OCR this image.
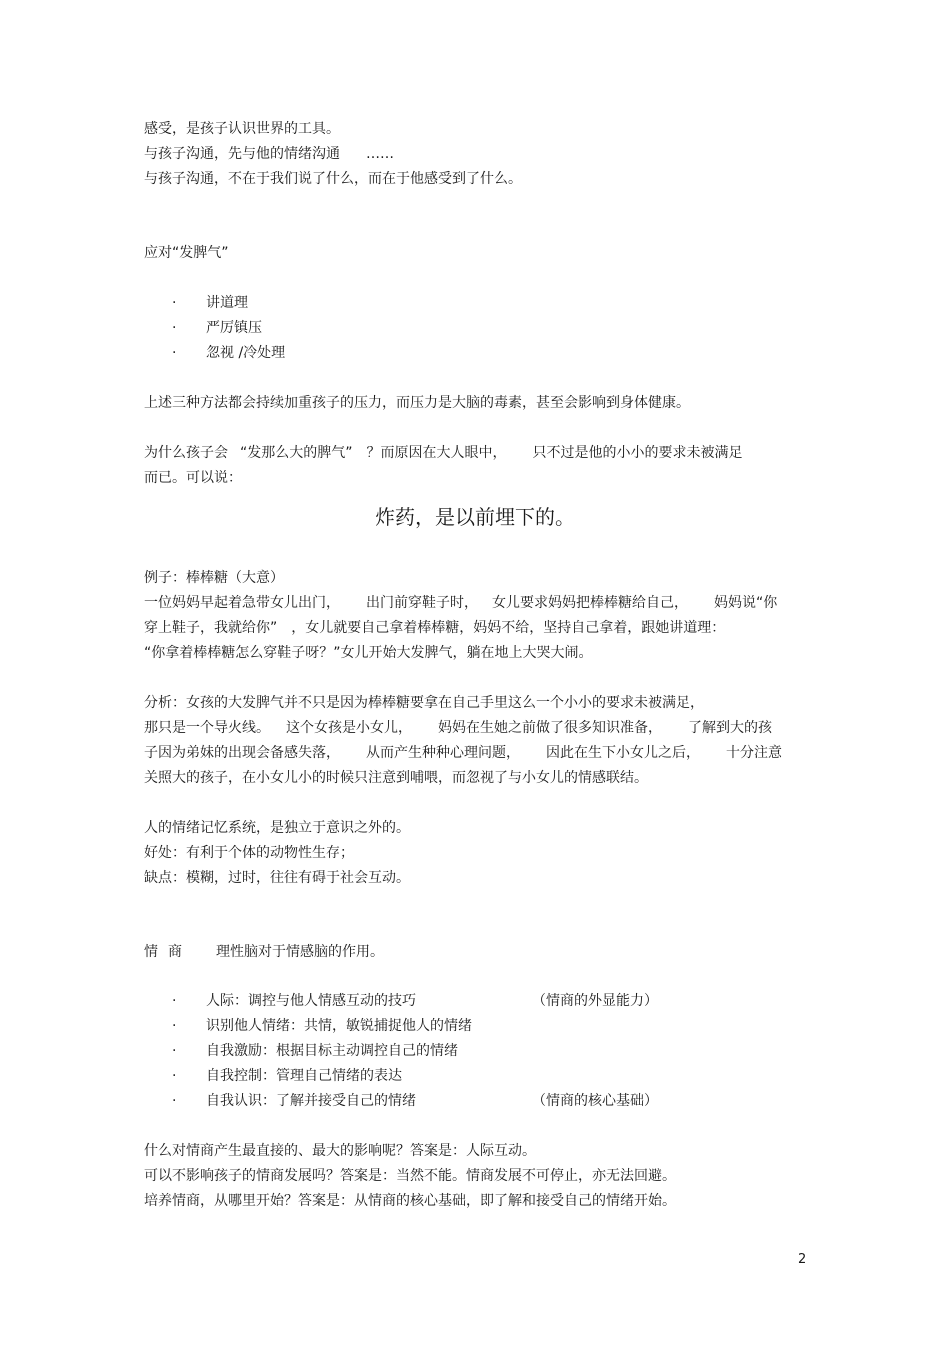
感受，是孩子认识世界的工具。
与孩子沟通，先与他的情绪沟通 ……
与孩子沟通，不在于我们说了什么，而在于他感受到了什么。
应对“发脾气”
· 讲道理
· 严厉镇压
· 忽视 /冷处理
上述三种方法都会持续加重孩子的压力，而压力是大脑的毒素，甚至会影响到身体健康。
为什么孩子会 “发那么大的脾气” ？而原因在大人眼中， 只不过是他的小小的要求未被满足
而已。可以说：
炸药，是以前埋下的。
例子：棒棒糖（大意）
一位妈妈早起着急带女儿出门， 出门前穿鞋子时， 女儿要求妈妈把棒棒糖给自己， 妈妈说“你
穿上鞋子，我就给你” ，女儿就要自己拿着棒棒糖，妈妈不给，坚持自己拿着，跟她讲道理：
“你拿着棒棒糖怎么穿鞋子呀？”女儿开始大发脾气，躺在地上大哭大闹。
分析：女孩的大发脾气并不只是因为棒棒糖要拿在自己手里这么一个小小的要求未被满足，
那只是一个导火线。 这个女孩是小女儿， 妈妈在生她之前做了很多知识准备， 了解到大的孩
子因为弟妹的出现会备感失落， 从而产生种种心理问题， 因此在生下小女儿之后， 十分注意
关照大的孩子，在小女儿小的时候只注意到哺喂，而忽视了与小女儿的情感联结。
人的情绪记忆系统，是独立于意识之外的。
好处：有利于个体的动物性生存；
缺点：模糊，过时，往往有碍于社会互动。
情 商 理性脑对于情感脑的作用。
· 人际：调控与他人情感互动的技巧	（情商的外显能力）
· 识别他人情绪：共情，敏锐捕捉他人的情绪
· 自我激励：根据目标主动调控自己的情绪
· 自我控制：管理自己情绪的表达
· 自我认识：了解并接受自己的情绪	（情商的核心基础）
什么对情商产生最直接的、最大的影响呢？答案是：人际互动。
可以不影响孩子的情商发展吗？答案是：当然不能。情商发展不可停止，亦无法回避。
培养情商，从哪里开始？答案是：从情商的核心基础，即了解和接受自己的情绪开始。
2
